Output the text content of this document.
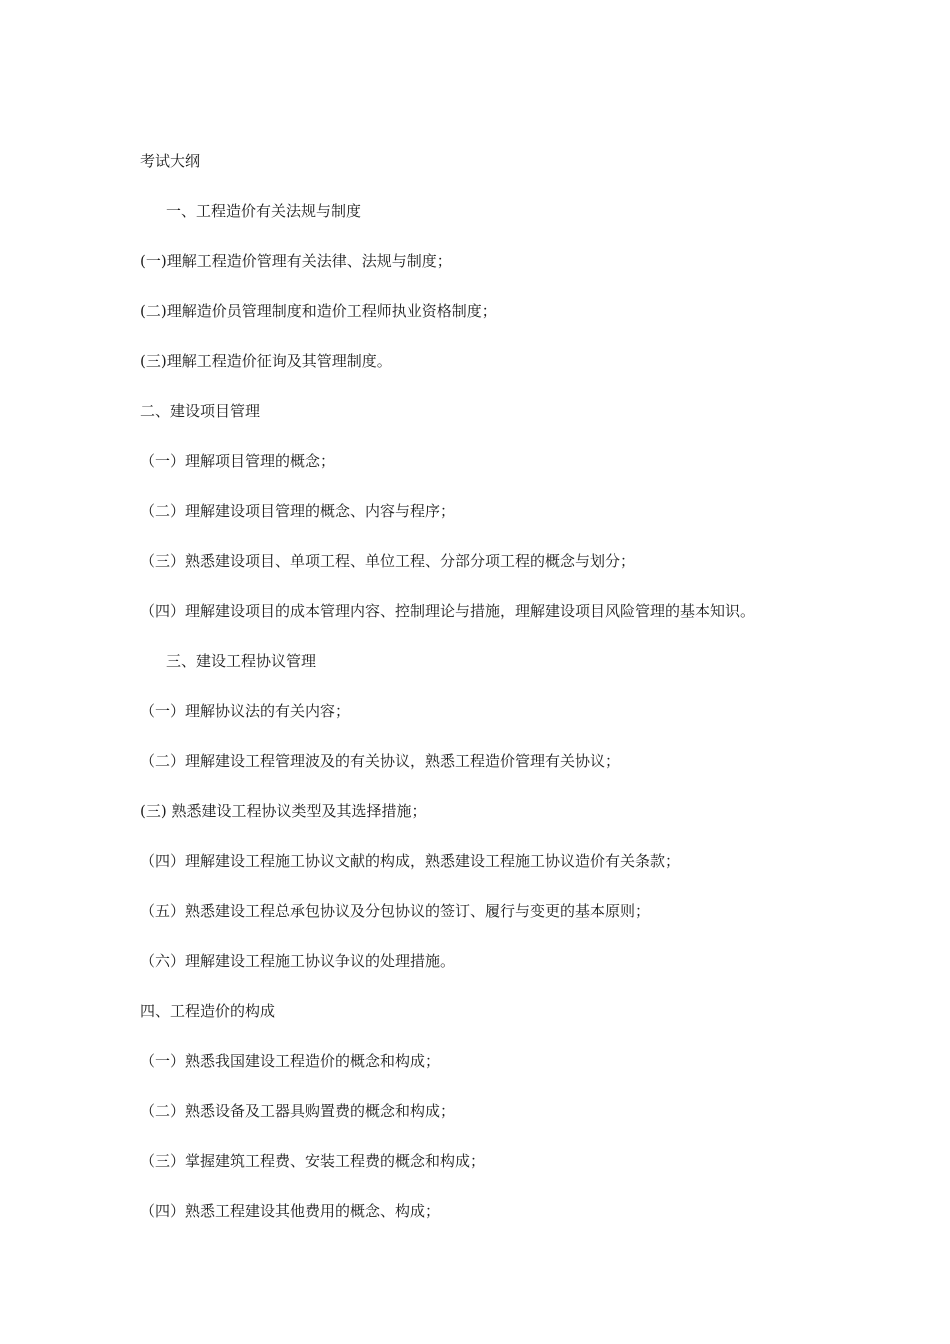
考试大纲
一、工程造价有关法规与制度
(一)理解工程造价管理有关法律、法规与制度；
(二)理解造价员管理制度和造价工程师执业资格制度；
(三)理解工程造价征询及其管理制度。
二、建设项目管理
（一）理解项目管理的概念；
（二）理解建设项目管理的概念、内容与程序；
（三）熟悉建设项目、单项工程、单位工程、分部分项工程的概念与划分；
（四）理解建设项目的成本管理内容、控制理论与措施，理解建设项目风险管理的基本知识。
三、建设工程协议管理
（一）理解协议法的有关内容；
（二）理解建设工程管理波及的有关协议，熟悉工程造价管理有关协议；
(三) 熟悉建设工程协议类型及其选择措施；
（四）理解建设工程施工协议文献的构成，熟悉建设工程施工协议造价有关条款；
（五）熟悉建设工程总承包协议及分包协议的签订、履行与变更的基本原则；
（六）理解建设工程施工协议争议的处理措施。
四、工程造价的构成
（一）熟悉我国建设工程造价的概念和构成；
（二）熟悉设备及工器具购置费的概念和构成；
（三）掌握建筑工程费、安装工程费的概念和构成；
（四）熟悉工程建设其他费用的概念、构成；
